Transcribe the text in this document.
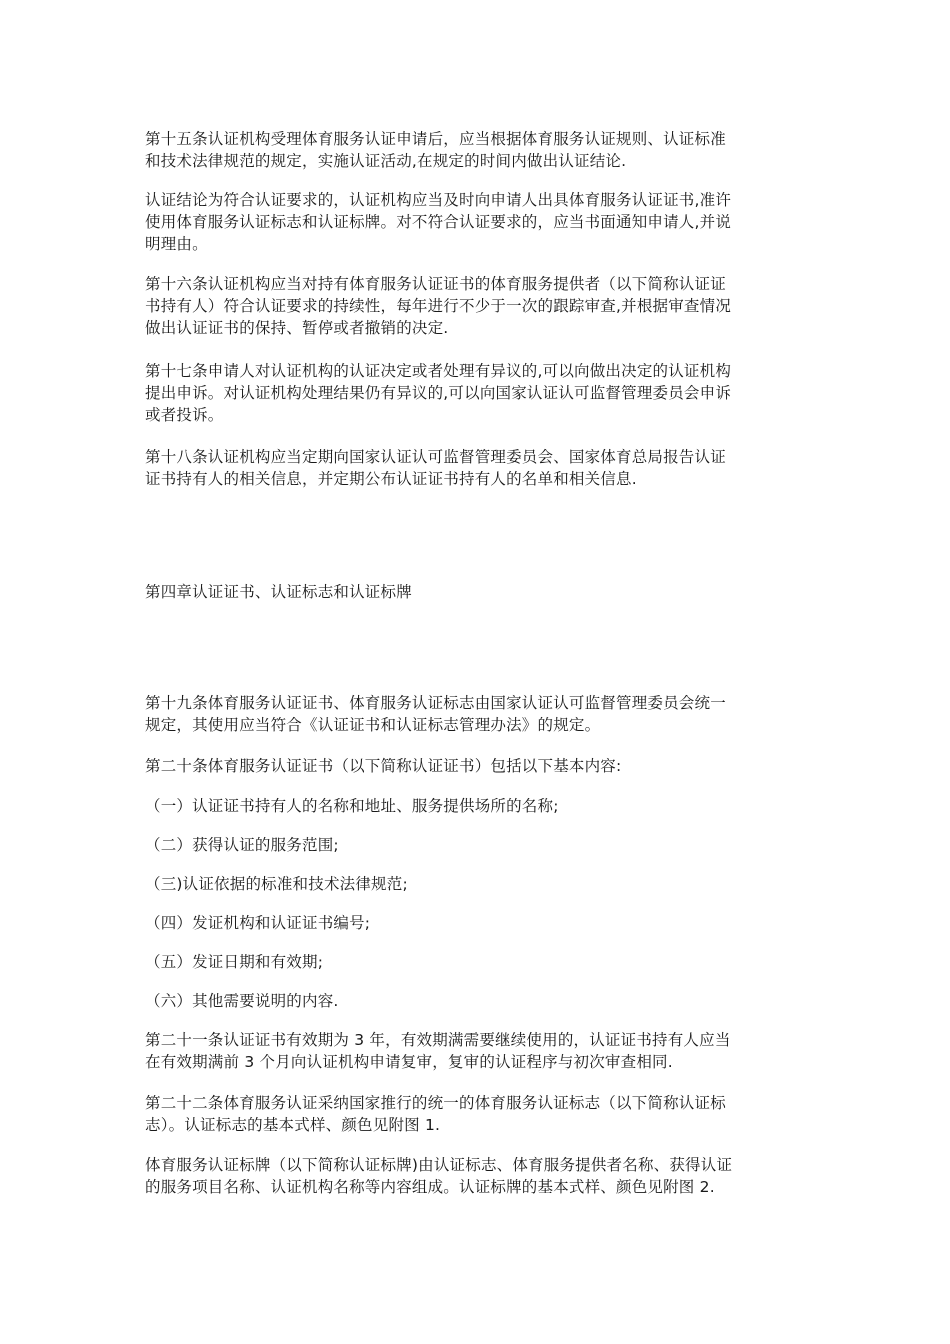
第十五条认证机构受理体育服务认证申请后，应当根据体育服务认证规则、认证标准
和技术法律规范的规定，实施认证活动,在规定的时间内做出认证结论.

认证结论为符合认证要求的，认证机构应当及时向申请人出具体育服务认证证书,准许
使用体育服务认证标志和认证标牌。对不符合认证要求的，应当书面通知申请人,并说
明理由。

第十六条认证机构应当对持有体育服务认证证书的体育服务提供者（以下简称认证证
书持有人）符合认证要求的持续性，每年进行不少于一次的跟踪审查,并根据审查情况
做出认证证书的保持、暂停或者撤销的决定.

第十七条申请人对认证机构的认证决定或者处理有异议的,可以向做出决定的认证机构
提出申诉。对认证机构处理结果仍有异议的,可以向国家认证认可监督管理委员会申诉
或者投诉。

第十八条认证机构应当定期向国家认证认可监督管理委员会、国家体育总局报告认证
证书持有人的相关信息，并定期公布认证证书持有人的名单和相关信息.

第四章认证证书、认证标志和认证标牌

第十九条体育服务认证证书、体育服务认证标志由国家认证认可监督管理委员会统一
规定，其使用应当符合《认证证书和认证标志管理办法》的规定。

第二十条体育服务认证证书（以下简称认证证书）包括以下基本内容:

（一）认证证书持有人的名称和地址、服务提供场所的名称;

（二）获得认证的服务范围;

（三)认证依据的标准和技术法律规范;

（四）发证机构和认证证书编号;

（五）发证日期和有效期;

（六）其他需要说明的内容.

第二十一条认证证书有效期为 3 年，有效期满需要继续使用的，认证证书持有人应当
在有效期满前 3 个月向认证机构申请复审，复审的认证程序与初次审查相同.

第二十二条体育服务认证采纳国家推行的统一的体育服务认证标志（以下简称认证标
志）。认证标志的基本式样、颜色见附图 1.

体育服务认证标牌（以下简称认证标牌)由认证标志、体育服务提供者名称、获得认证
的服务项目名称、认证机构名称等内容组成。认证标牌的基本式样、颜色见附图 2.
